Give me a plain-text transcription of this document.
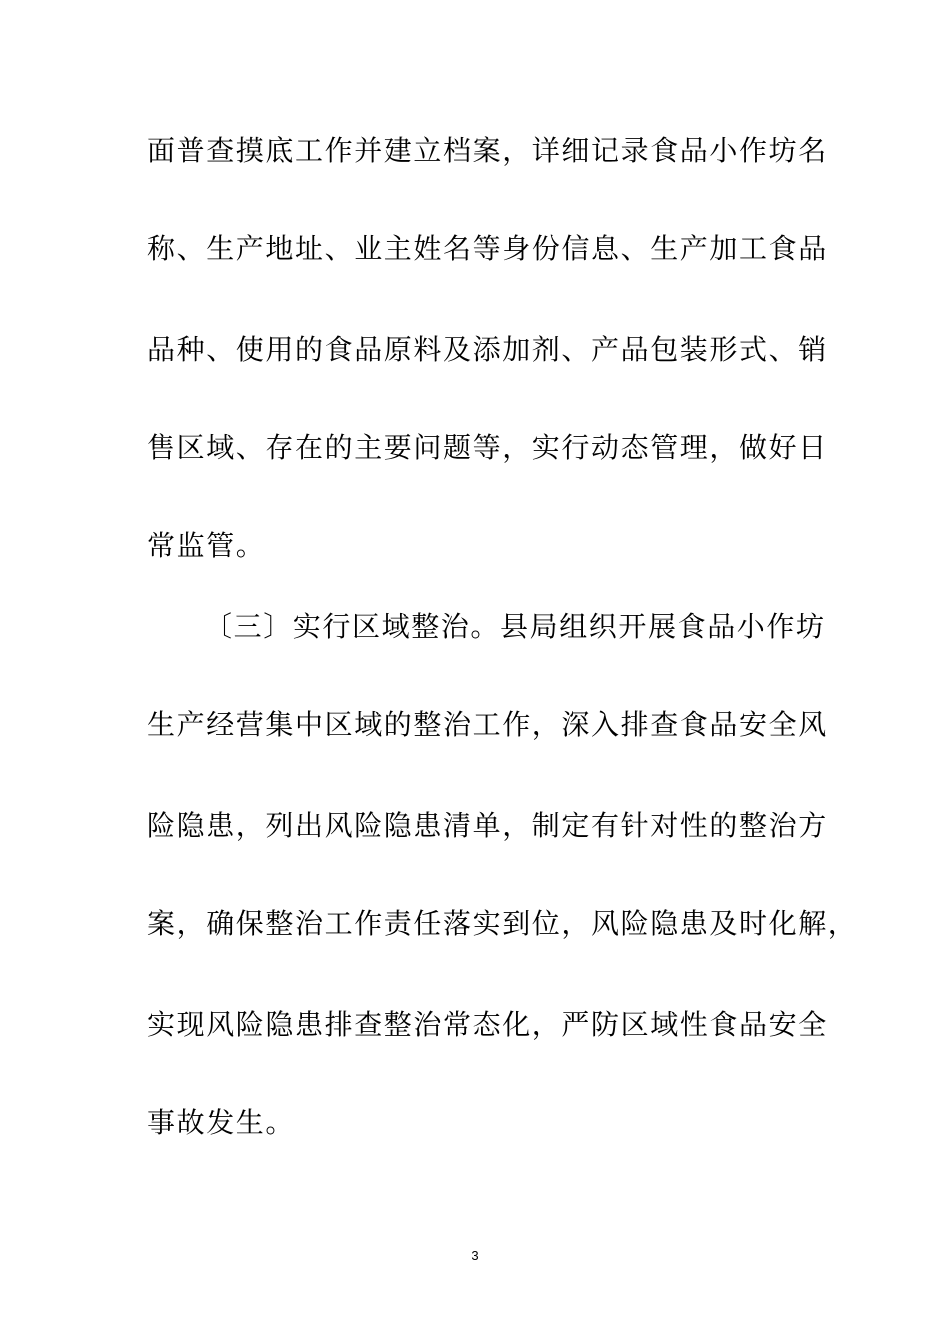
面普查摸底工作并建立档案，详细记录食品小作坊名
称、生产地址、业主姓名等身份信息、生产加工食品
品种、使用的食品原料及添加剂、产品包装形式、销
售区域、存在的主要问题等，实行动态管理，做好日
常监管。
〔三〕实行区域整治。县局组织开展食品小作坊
生产经营集中区域的整治工作，深入排查食品安全风
险隐患，列出风险隐患清单，制定有针对性的整治方
案，确保整治工作责任落实到位，风险隐患及时化解，
实现风险隐患排查整治常态化，严防区域性食品安全
事故发生。
3
